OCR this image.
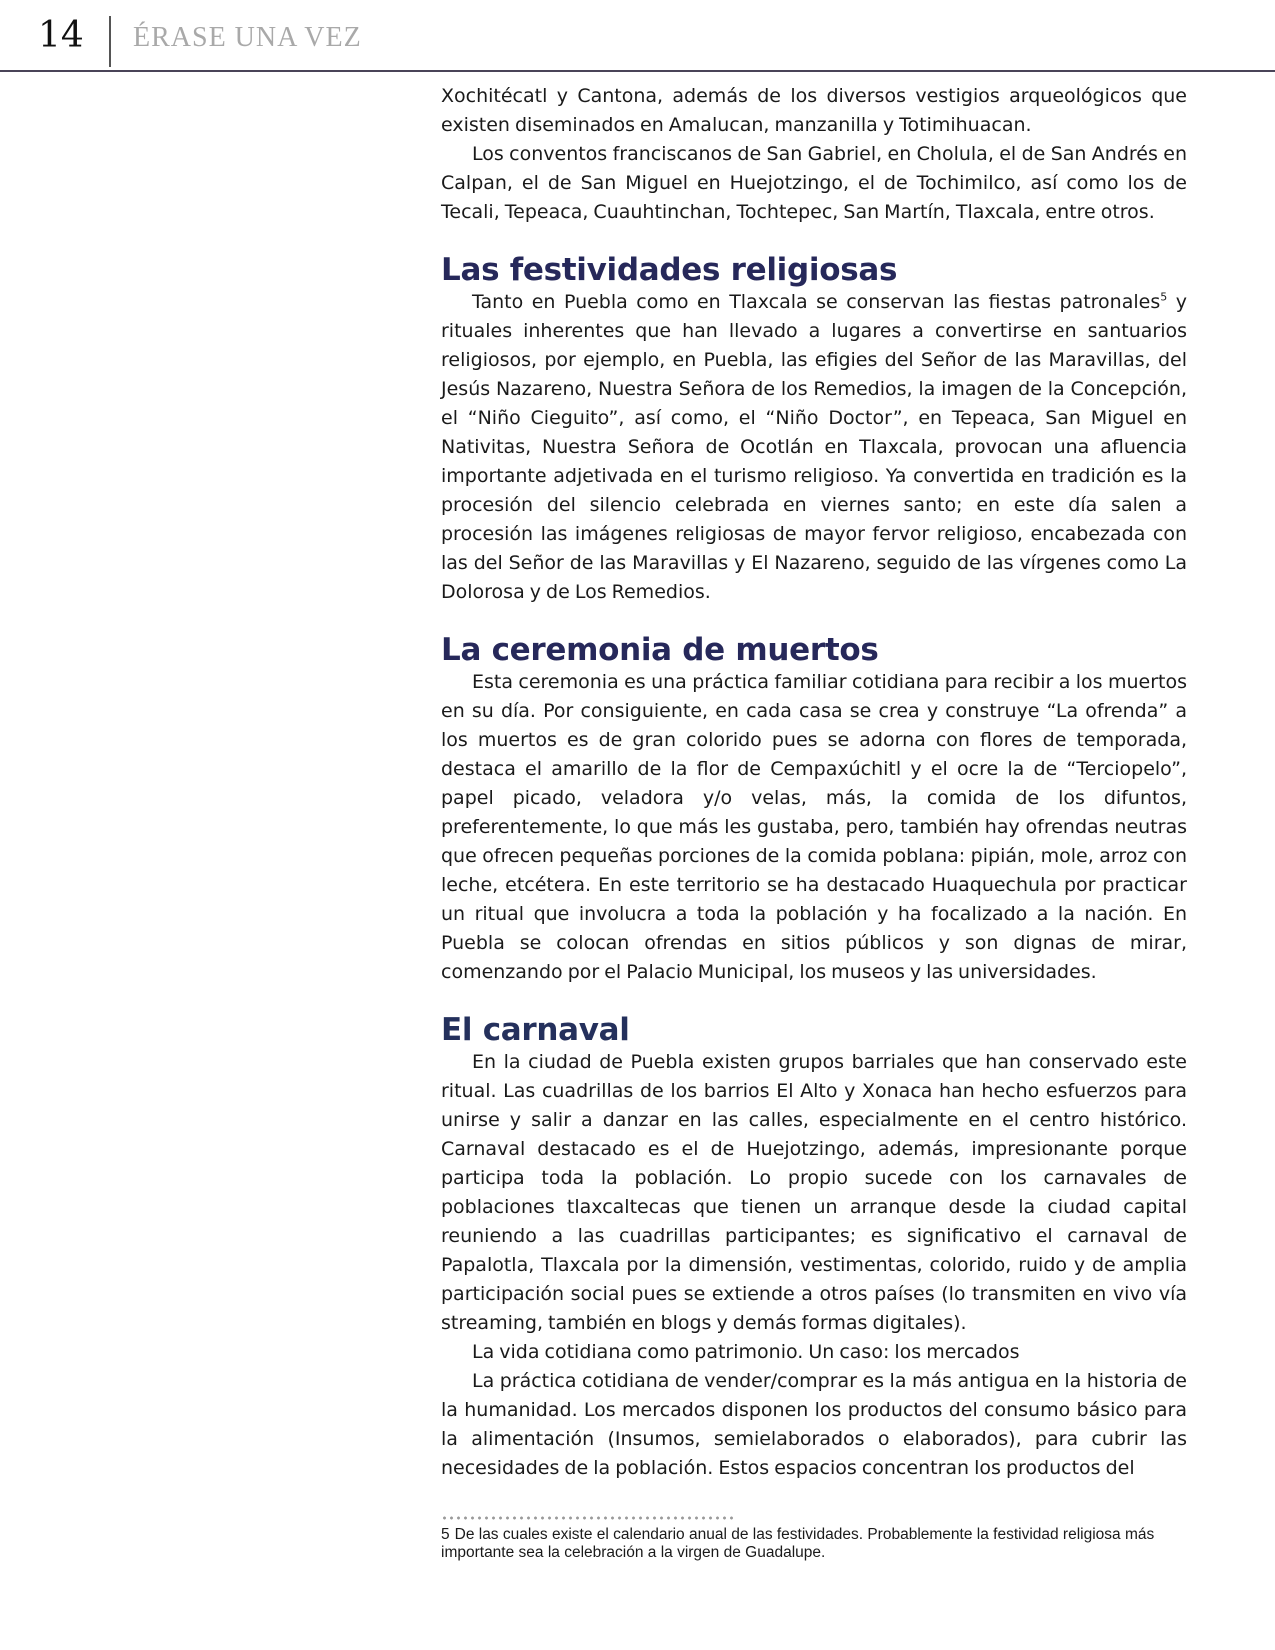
14 ÉRASE UNA VEZ

Xochitécatl y Cantona, además de los diversos vestigios arqueológicos que existen diseminados en Amalucan, manzanilla y Totimihuacan.

Los conventos franciscanos de San Gabriel, en Cholula, el de San Andrés en Calpan, el de San Miguel en Huejotzingo, el de Tochimilco, así como los de Tecali, Tepeaca, Cuauhtinchan, Tochtepec, San Martín, Tlaxcala, entre otros.

Las festividades religiosas

Tanto en Puebla como en Tlaxcala se conservan las fiestas patronales$^5$ y rituales inherentes que han llevado a lugares a convertirse en santuarios religiosos, por ejemplo, en Puebla, las efigies del Señor de las Maravillas, del Jesús Nazareno, Nuestra Señora de los Remedios, la imagen de la Concepción, el “Niño Cieguito”, así como, el “Niño Doctor”, en Tepeaca, San Miguel en Nativitas, Nuestra Señora de Ocotlán en Tlaxcala, provocan una afluencia importante adjetivada en el turismo religioso. Ya convertida en tradición es la procesión del silencio celebrada en viernes santo; en este día salen a procesión las imágenes religiosas de mayor fervor religioso, encabezada con las del Señor de las Maravillas y El Nazareno, seguido de las vírgenes como La Dolorosa y de Los Remedios.

La ceremonia de muertos

Esta ceremonia es una práctica familiar cotidiana para recibir a los muertos en su día. Por consiguiente, en cada casa se crea y construye “La ofrenda” a los muertos es de gran colorido pues se adorna con flores de temporada, destaca el amarillo de la flor de Cempaxúchitl y el ocre la de “Terciopelo”, papel picado, veladora y/o velas, más, la comida de los difuntos, preferentemente, lo que más les gustaba, pero, también hay ofrendas neutras que ofrecen pequeñas porciones de la comida poblana: pipián, mole, arroz con leche, etcétera. En este territorio se ha destacado Huaquechula por practicar un ritual que involucra a toda la población y ha focalizado a la nación. En Puebla se colocan ofrendas en sitios públicos y son dignas de mirar, comenzando por el Palacio Municipal, los museos y las universidades.

El carnaval

En la ciudad de Puebla existen grupos barriales que han conservado este ritual. Las cuadrillas de los barrios El Alto y Xonaca han hecho esfuerzos para unirse y salir a danzar en las calles, especialmente en el centro histórico. Carnaval destacado es el de Huejotzingo, además, impresionante porque participa toda la población. Lo propio sucede con los carnavales de poblaciones tlaxcaltecas que tienen un arranque desde la ciudad capital reuniendo a las cuadrillas participantes; es significativo el carnaval de Papalotla, Tlaxcala por la dimensión, vestimentas, colorido, ruido y de amplia participación social pues se extiende a otros países (lo transmiten en vivo vía streaming, también en blogs y demás formas digitales).

La vida cotidiana como patrimonio. Un caso: los mercados

La práctica cotidiana de vender/comprar es la más antigua en la historia de la humanidad. Los mercados disponen los productos del consumo básico para la alimentación (Insumos, semielaborados o elaborados), para cubrir las necesidades de la población. Estos espacios concentran los productos del

5 De las cuales existe el calendario anual de las festividades. Probablemente la festividad religiosa más importante sea la celebración a la virgen de Guadalupe.
